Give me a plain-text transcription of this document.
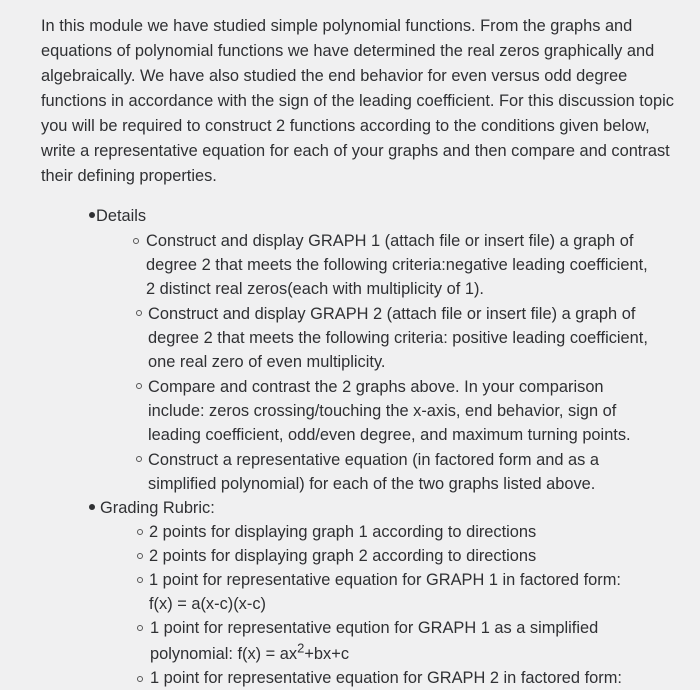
In this module we have studied simple polynomial functions. From the graphs and equations of polynomial functions we have determined the real zeros graphically and algebraically. We have also studied the end behavior for even versus odd degree functions in accordance with the sign of the leading coefficient. For this discussion topic you will be required to construct 2 functions according to the conditions given below, write a representative equation for each of your graphs and then compare and contrast their defining properties.

Details
Construct and display GRAPH 1 (attach file or insert file) a graph of degree 2 that meets the following criteria:negative leading coefficient, 2 distinct real zeros(each with multiplicity of 1).
Construct and display GRAPH 2 (attach file or insert file) a graph of degree 2 that meets the following criteria: positive leading coefficient, one real zero of even multiplicity.
Compare and contrast the 2 graphs above. In your comparison include: zeros crossing/touching the x-axis, end behavior, sign of leading coefficient, odd/even degree, and maximum turning points.
Construct a representative equation (in factored form and as a simplified polynomial) for each of the two graphs listed above.
Grading Rubric:
2 points for displaying graph 1 according to directions
2 points for displaying graph 2 according to directions
1 point for representative equation for GRAPH 1 in factored form: f(x) = a(x-c)(x-c)
1 point for representative eqution for GRAPH 1 as a simplified polynomial: $f(x) = ax^2+bx+c$
1 point for representative equation for GRAPH 2 in factored form:
